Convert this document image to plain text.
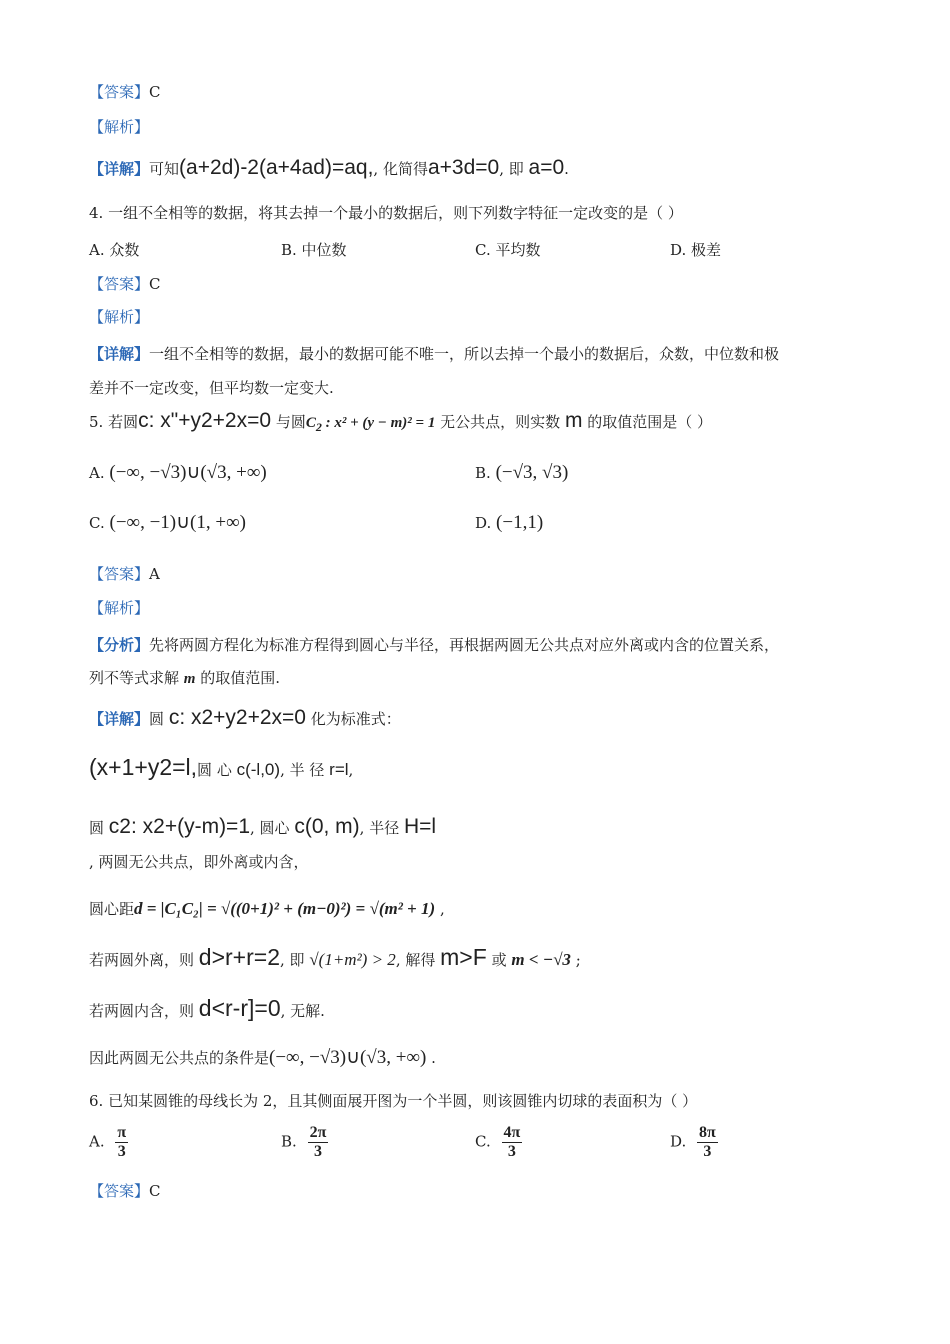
【答案】C
【解析】
【详解】可知(a+2d)-2(a+4ad)=aq,, 化简得a+3d=0, 即 a=0.
4. 一组不全相等的数据，将其去掉一个最小的数据后，则下列数字特征一定改变的是（ ）
A. 众数	B. 中位数	C. 平均数	D. 极差
【答案】C
【解析】
【详解】一组不全相等的数据，最小的数据可能不唯一，所以去掉一个最小的数据后，众数，中位数和极
差并不一定改变，但平均数一定变大.
5. 若圆c: x"+y2+2x=0 与圆$C_2$ : x² + (y − m)² = 1 无公共点，则实数 m 的取值范围是（ ）
A. (−∞, −√3)∪(√3, +∞)	B. (−√3, √3)
C. (−∞, −1)∪(1, +∞)	D. (−1,1)
【答案】A
【解析】
【分析】先将两圆方程化为标准方程得到圆心与半径，再根据两圆无公共点对应外离或内含的位置关系，
列不等式求解 m 的取值范围.
【详解】圆 c: x2+y2+2x=0 化为标准式：
(x+1+y2=l,圆 心 c(-l,0), 半 径 r=l,
圆 c2: x2+(y-m)=1, 圆心 c(0, m), 半径 H=l
, 两圆无公共点，即外离或内含，
圆心距d = |C₁C₂| = √((0+1)² + (m−0)²) = √(m² + 1) ,
若两圆外离，则 d>r+r=2, 即 √(1+m²) > 2, 解得 m>F 或 m < −√3 ;
若两圆内含，则 d<r-r]=0, 无解.
因此两圆无公共点的条件是(−∞, −√3)∪(√3, +∞) .
6. 已知某圆锥的母线长为 2，且其侧面展开图为一个半圆，则该圆锥内切球的表面积为（ ）
A. $\frac{\pi}{3}$	B. $\frac{2\pi}{3}$	C. $\frac{4\pi}{3}$	D. $\frac{8\pi}{3}$
【答案】C
